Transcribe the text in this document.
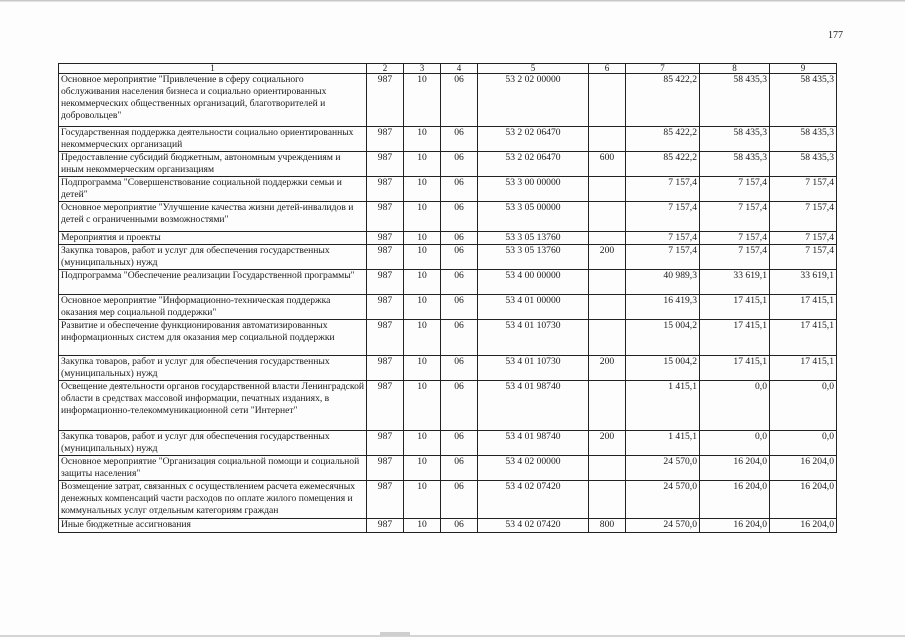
177
1	2	3	4	5	6	7	8	9
Основное мероприятие "Привлечение в сферу социального обслуживания населения бизнеса и социально ориентированных некоммерческих общественных организаций, благотворителей и добровольцев"	987	10	06	53 2 02 00000		85 422,2	58 435,3	58 435,3
Государственная поддержка деятельности социально ориентированных некоммерческих организаций	987	10	06	53 2 02 06470		85 422,2	58 435,3	58 435,3
Предоставление субсидий бюджетным, автономным учреждениям и иным некоммерческим организациям	987	10	06	53 2 02 06470	600	85 422,2	58 435,3	58 435,3
Подпрограмма "Совершенствование социальной поддержки семьи и детей"	987	10	06	53 3 00 00000		7 157,4	7 157,4	7 157,4
Основное мероприятие "Улучшение качества жизни детей-инвалидов и детей с ограниченными возможностями"	987	10	06	53 3 05 00000		7 157,4	7 157,4	7 157,4
Мероприятия и проекты	987	10	06	53 3 05 13760		7 157,4	7 157,4	7 157,4
Закупка товаров, работ и услуг для обеспечения государственных (муниципальных) нужд	987	10	06	53 3 05 13760	200	7 157,4	7 157,4	7 157,4
Подпрограмма "Обеспечение реализации Государственной программы"	987	10	06	53 4 00 00000		40 989,3	33 619,1	33 619,1
Основное мероприятие "Информационно-техническая поддержка оказания мер социальной поддержки"	987	10	06	53 4 01 00000		16 419,3	17 415,1	17 415,1
Развитие и обеспечение функционирования автоматизированных информационных систем для оказания мер социальной поддержки	987	10	06	53 4 01 10730		15 004,2	17 415,1	17 415,1
Закупка товаров, работ и услуг для обеспечения государственных (муниципальных) нужд	987	10	06	53 4 01 10730	200	15 004,2	17 415,1	17 415,1
Освещение деятельности органов государственной власти Ленинградской области в средствах массовой информации, печатных изданиях, в информационно-телекоммуникационной сети "Интернет"	987	10	06	53 4 01 98740		1 415,1	0,0	0,0
Закупка товаров, работ и услуг для обеспечения государственных (муниципальных) нужд	987	10	06	53 4 01 98740	200	1 415,1	0,0	0,0
Основное мероприятие "Организация социальной помощи и социальной защиты населения"	987	10	06	53 4 02 00000		24 570,0	16 204,0	16 204,0
Возмещение затрат, связанных с осуществлением расчета ежемесячных денежных компенсаций части расходов по оплате жилого помещения и коммунальных услуг отдельным категориям граждан	987	10	06	53 4 02 07420		24 570,0	16 204,0	16 204,0
Иные бюджетные ассигнования	987	10	06	53 4 02 07420	800	24 570,0	16 204,0	16 204,0
